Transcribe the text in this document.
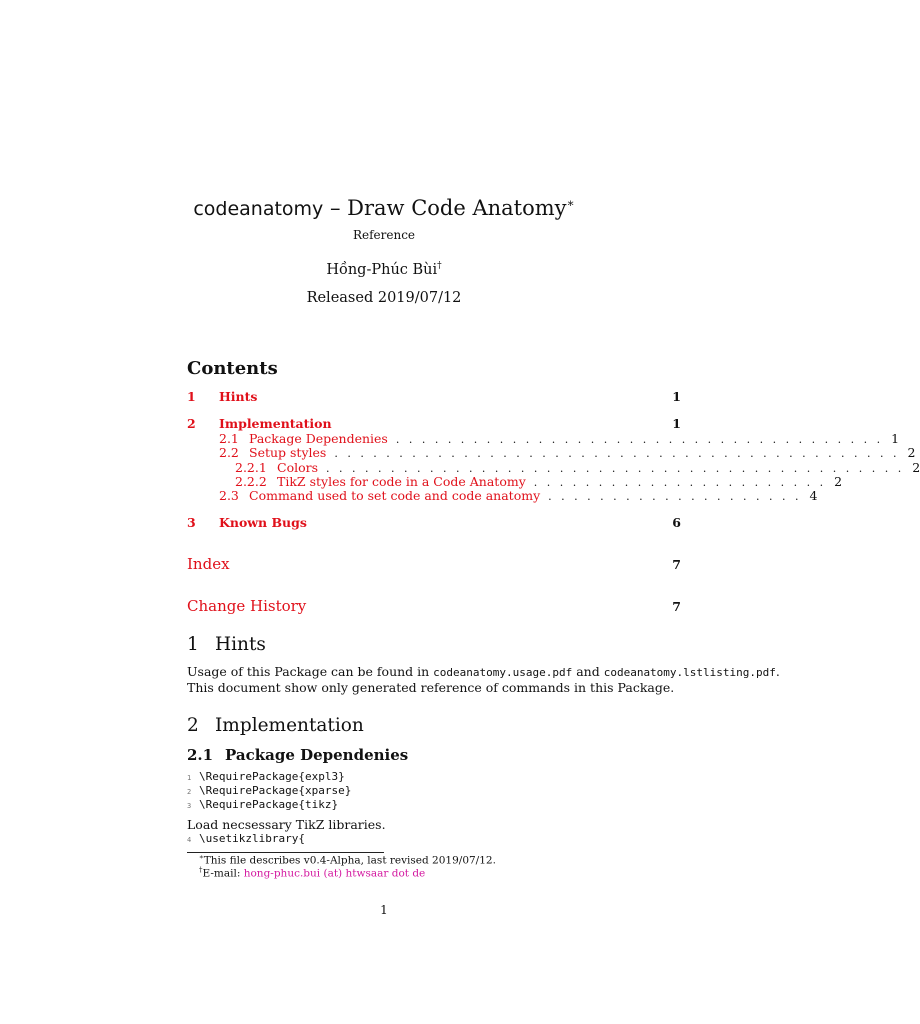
codeanatomy – Draw Code Anatomy∗
Reference
Hồng-Phúc Bùi†
Released 2019/07/12
Contents
1	Hints	1
2	Implementation	1
2.1 Package Dependenies . . . . . . . . . . . . . . . . . . . . . . . . . . . . . . . . . . . . . . 1
2.2 Setup styles . . . . . . . . . . . . . . . . . . . . . . . . . . . . . . . . . . . . . . . . . . . . 2
2.2.1 Colors . . . . . . . . . . . . . . . . . . . . . . . . . . . . . . . . . . . . . . . . . . . . . 2
2.2.2 TikZ styles for code in a Code Anatomy . . . . . . . . . . . . . . . . . . . . . . . 2
2.3 Command used to set code and code anatomy . . . . . . . . . . . . . . . . . . . . 4
3	Known Bugs	6
Index	7
Change History	7
1 Hints
Usage of this Package can be found in codeanatomy.usage.pdf and codeanatomy.lstlisting.pdf.
This document show only generated reference of commands in this Package.
2 Implementation
2.1 Package Dependenies
1 \RequirePackage{expl3}
2 \RequirePackage{xparse}
3 \RequirePackage{tikz}
Load necsessary TikZ libraries.
4 \usetikzlibrary{
∗This file describes v0.4-Alpha, last revised 2019/07/12.
†E-mail: hong-phuc.bui (at) htwsaar dot de
1
